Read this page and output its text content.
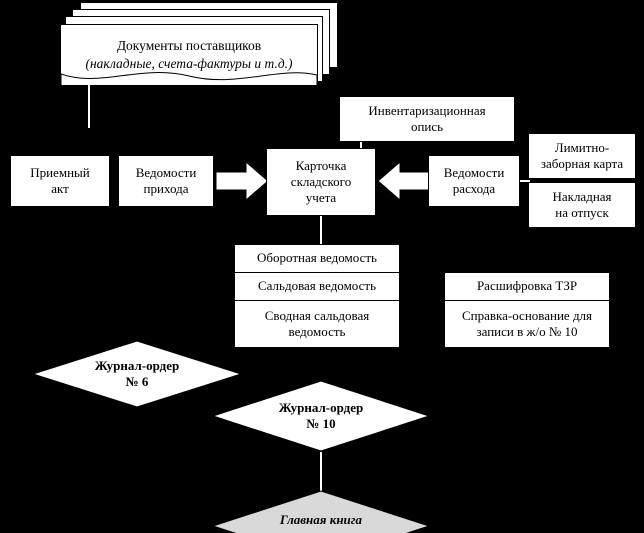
Документы поставщиков
(накладные, счета-фактуры и т.д.)
Инвентаризационная
опись
Приемный
акт
Ведомости
прихода
Карточка
складского
учета
Ведомости
расхода
Лимитно-
заборная карта
Накладная
на отпуск
Оборотная ведомость
Сальдовая ведомость
Сводная сальдовая ведомость
Расшифровка ТЗР
Справка-основание для записи в ж/о № 10
Журнал-ордер
№ 6
Журнал-ордер
№ 10
Главная книга
